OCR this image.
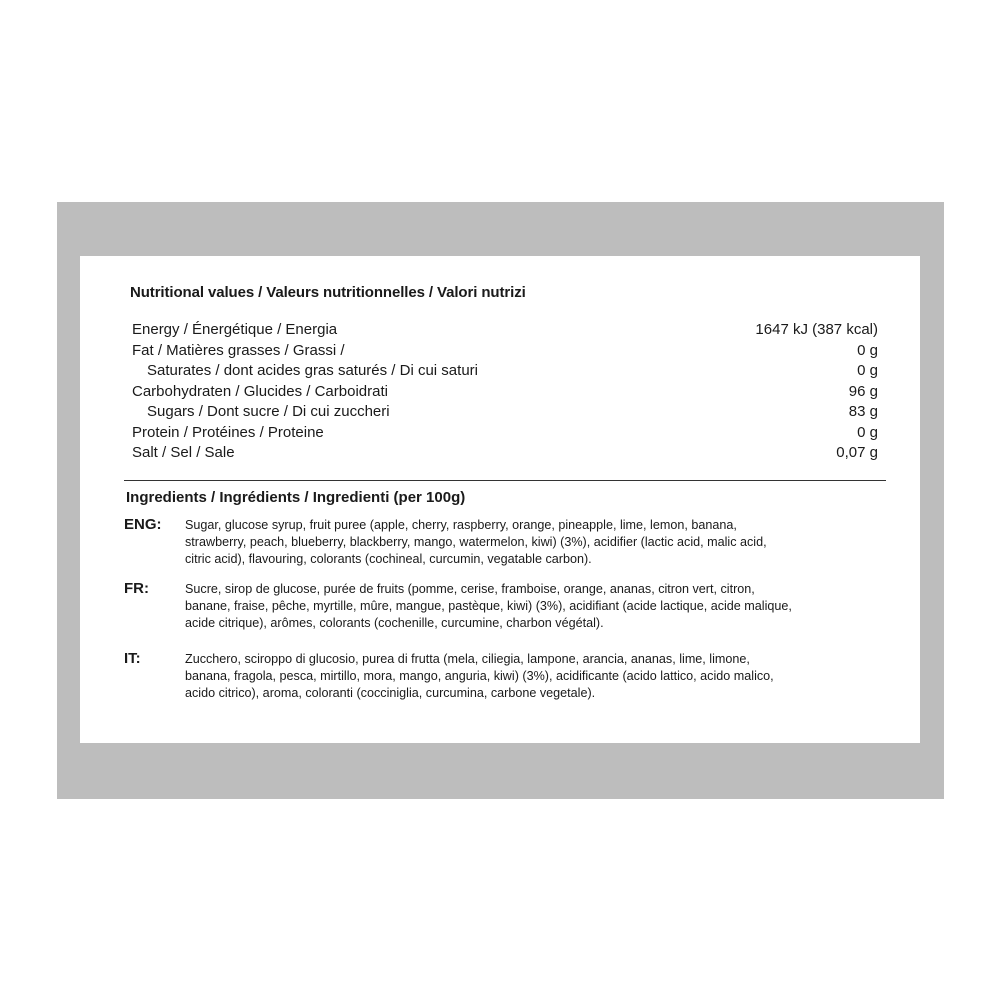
Nutritional values / Valeurs nutritionnelles / Valori nutrizi
Energy / Énergétique / Energia	1647 kJ (387 kcal)
Fat / Matières grasses / Grassi /	0 g
Saturates / dont acides gras saturés / Di cui saturi	0 g
Carbohydraten / Glucides / Carboidrati	96 g
Sugars / Dont sucre / Di cui zuccheri	83 g
Protein / Protéines / Proteine	0 g
Salt / Sel / Sale	0,07 g
Ingredients / Ingrédients / Ingredienti (per 100g)
ENG: Sugar, glucose syrup, fruit puree (apple, cherry, raspberry, orange, pineapple, lime, lemon, banana,
strawberry, peach, blueberry, blackberry, mango, watermelon, kiwi) (3%), acidifier (lactic acid, malic acid,
citric acid), flavouring, colorants (cochineal, curcumin, vegatable carbon).

FR:	Sucre, sirop de glucose, purée de fruits (pomme, cerise, framboise, orange, ananas, citron vert, citron,
banane, fraise, pêche, myrtille, mûre, mangue, pastèque, kiwi) (3%), acidifiant (acide lactique, acide malique,
acide citrique), arômes, colorants (cochenille, curcumine, charbon végétal).

IT:	Zucchero, sciroppo di glucosio, purea di frutta (mela, ciliegia, lampone, arancia, ananas, lime, limone,
banana, fragola, pesca, mirtillo, mora, mango, anguria, kiwi) (3%), acidificante (acido lattico, acido malico,
acido citrico), aroma, coloranti (cocciniglia, curcumina, carbone vegetale).
